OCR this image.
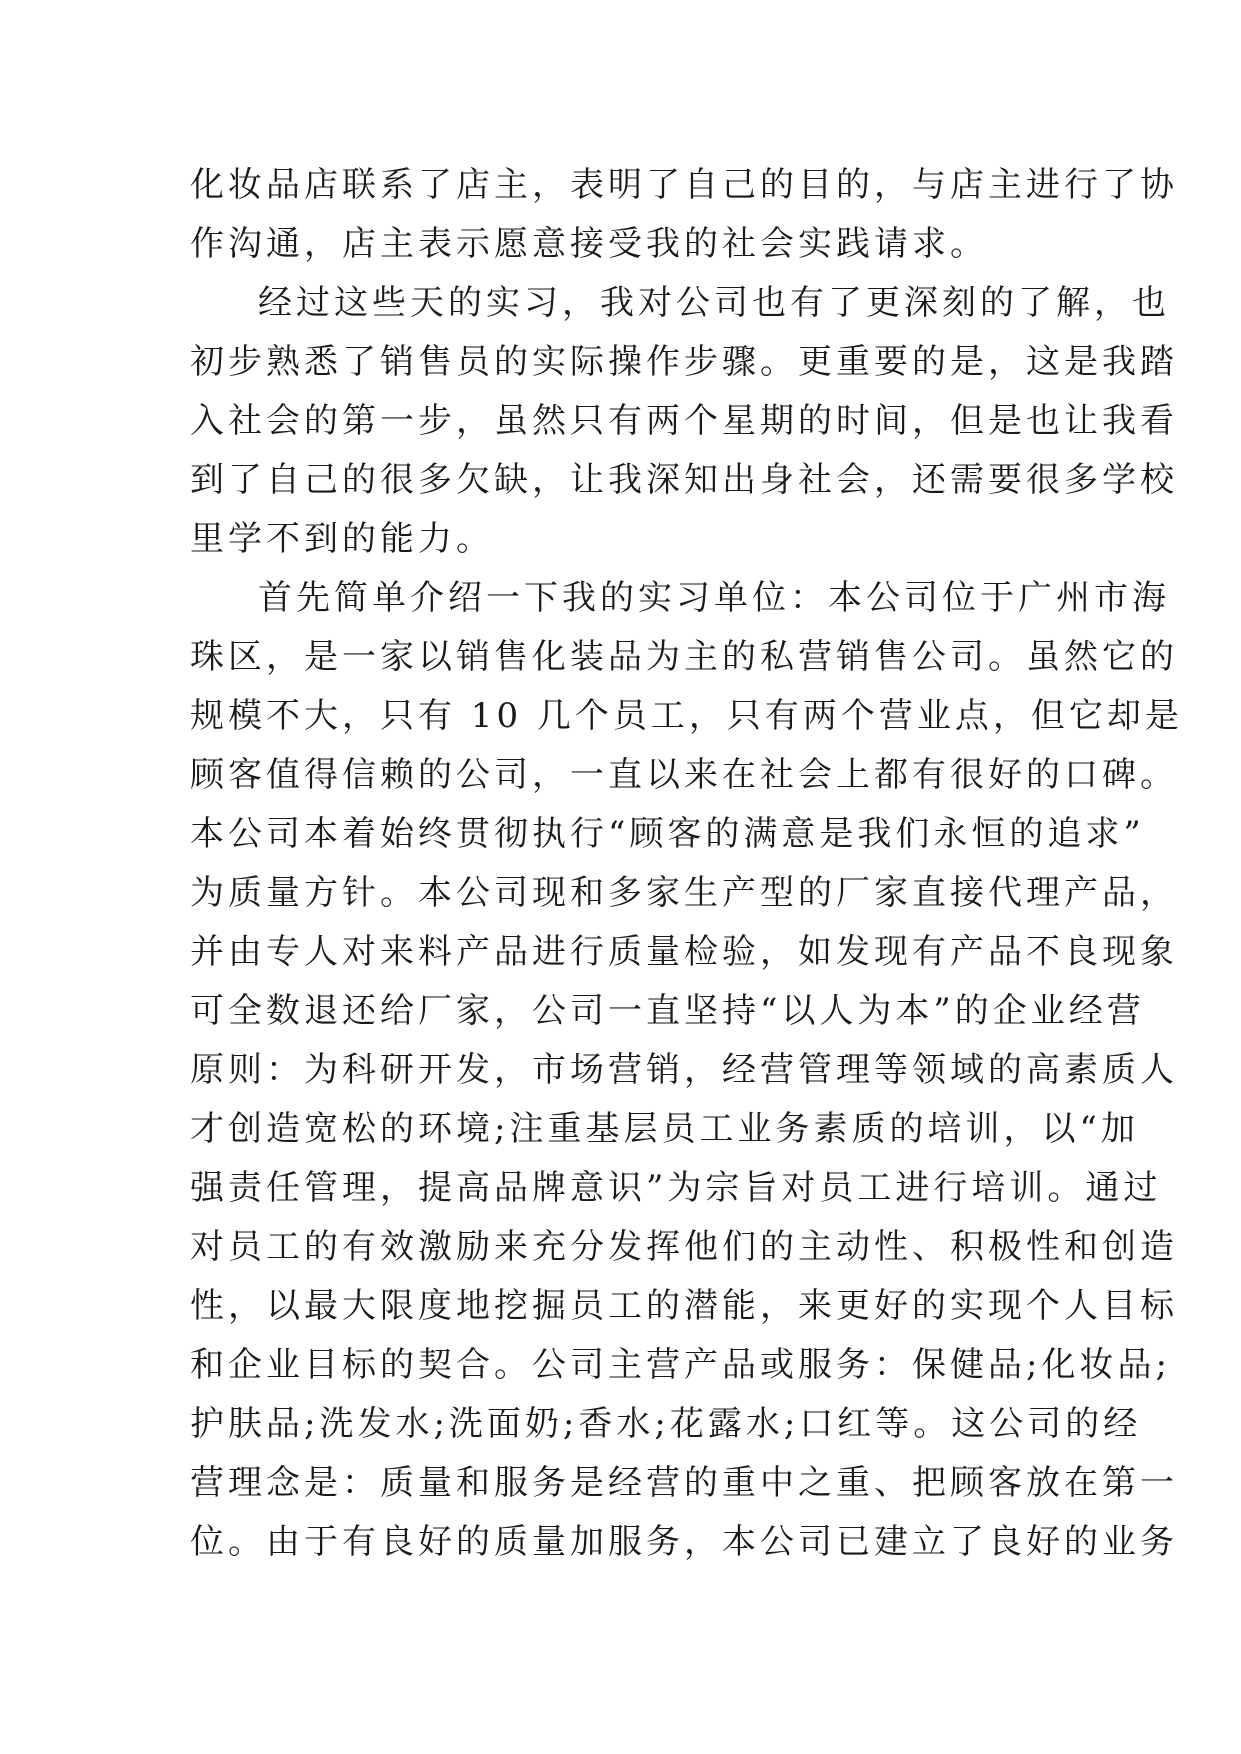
化妆品店联系了店主，表明了自己的目的，与店主进行了协
作沟通，店主表示愿意接受我的社会实践请求。
经过这些天的实习，我对公司也有了更深刻的了解，也
初步熟悉了销售员的实际操作步骤。更重要的是，这是我踏
入社会的第一步，虽然只有两个星期的时间，但是也让我看
到了自己的很多欠缺，让我深知出身社会，还需要很多学校
里学不到的能力。
首先简单介绍一下我的实习单位：本公司位于广州市海
珠区，是一家以销售化装品为主的私营销售公司。虽然它的
规模不大，只有 10 几个员工，只有两个营业点，但它却是
顾客值得信赖的公司，一直以来在社会上都有很好的口碑。
本公司本着始终贯彻执行“顾客的满意是我们永恒的追求”
为质量方针。本公司现和多家生产型的厂家直接代理产品，
并由专人对来料产品进行质量检验，如发现有产品不良现象
可全数退还给厂家，公司一直坚持“以人为本”的企业经营
原则：为科研开发，市场营销，经营管理等领域的高素质人
才创造宽松的环境;注重基层员工业务素质的培训，以“加
强责任管理，提高品牌意识”为宗旨对员工进行培训。通过
对员工的有效激励来充分发挥他们的主动性、积极性和创造
性，以最大限度地挖掘员工的潜能，来更好的实现个人目标
和企业目标的契合。公司主营产品或服务：保健品;化妆品;
护肤品;洗发水;洗面奶;香水;花露水;口红等。这公司的经
营理念是：质量和服务是经营的重中之重、把顾客放在第一
位。由于有良好的质量加服务，本公司已建立了良好的业务
